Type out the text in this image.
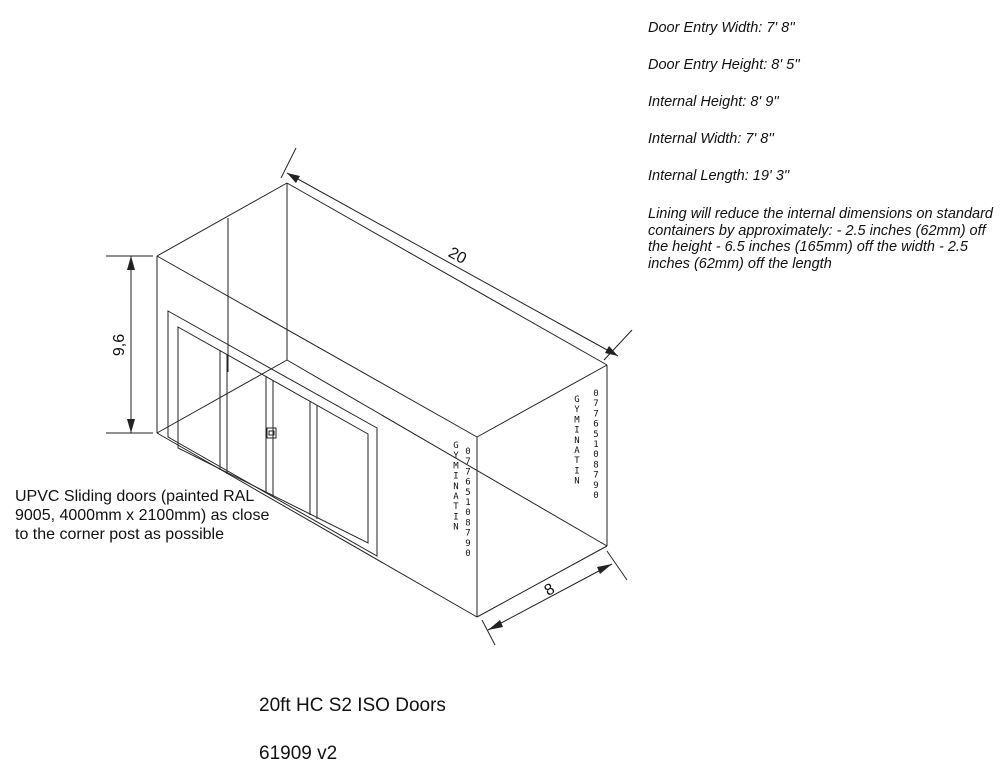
20
9,6
8
G Y M I N A T I N
0 7 7 6 5 1 0 8 7 9 0
G Y M I N A T I N
0 7 7 6 5 1 0 8 7 9 0
Door Entry Width: 7' 8''
Door Entry Height: 8' 5''
Internal Height: 8' 9''
Internal Width: 7' 8''
Internal Length: 19' 3''
Lining will reduce the internal dimensions on standard containers by approximately: - 2.5 inches (62mm) off the height - 6.5 inches (165mm) off the width - 2.5 inches (62mm) off the length
UPVC Sliding doors (painted RAL 9005, 4000mm x 2100mm) as close to the corner post as possible
20ft HC S2 ISO Doors
61909 v2
